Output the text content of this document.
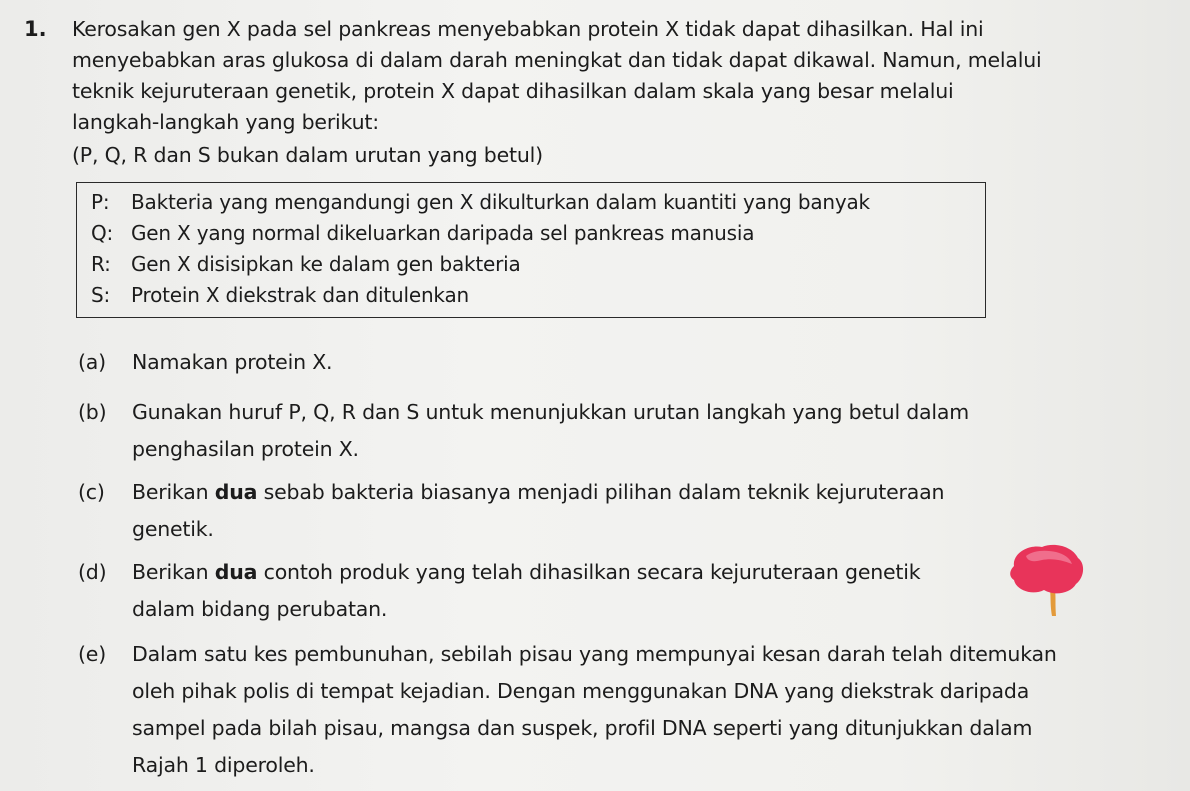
1. Kerosakan gen X pada sel pankreas menyebabkan protein X tidak dapat dihasilkan. Hal ini

menyebabkan aras glukosa di dalam darah meningkat dan tidak dapat dikawal. Namun, melalui

teknik kejuruteraan genetik, protein X dapat dihasilkan dalam skala yang besar melalui

langkah-langkah yang berikut:

(P, Q, R dan S bukan dalam urutan yang betul)
P:	Bakteria yang mengandungi gen X dikulturkan dalam kuantiti yang banyak
Q: Gen X yang normal dikeluarkan daripada sel pankreas manusia
R:	Gen X disisipkan ke dalam gen bakteria
S:	Protein X diekstrak dan ditulenkan
(a)	Namakan protein X.

(b)	Gunakan huruf P, Q, R dan S untuk menunjukkan urutan langkah yang betul dalam

penghasilan protein X.

(c)	Berikan dua sebab bakteria biasanya menjadi pilihan dalam teknik kejuruteraan

genetik.

(d)	Berikan dua contoh produk yang telah dihasilkan secara kejuruteraan genetik

dalam bidang perubatan.

(e)	Dalam satu kes pembunuhan, sebilah pisau yang mempunyai kesan darah telah ditemukan

oleh pihak polis di tempat kejadian. Dengan menggunakan DNA yang diekstrak daripada

sampel pada bilah pisau, mangsa dan suspek, profil DNA seperti yang ditunjukkan dalam

Rajah 1 diperoleh.
